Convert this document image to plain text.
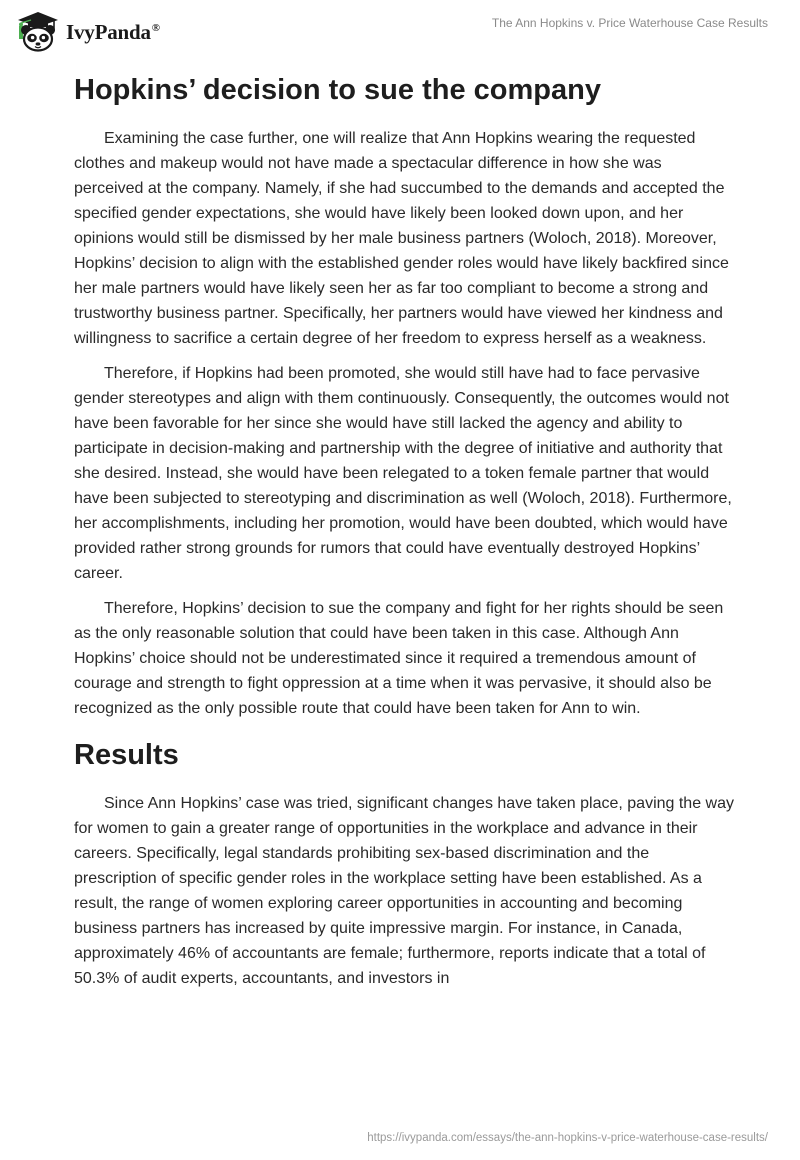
IvyPanda®	The Ann Hopkins v. Price Waterhouse Case Results
Hopkins’ decision to sue the company

Examining the case further, one will realize that Ann Hopkins wearing the requested clothes and makeup would not have made a spectacular difference in how she was perceived at the company. Namely, if she had succumbed to the demands and accepted the specified gender expectations, she would have likely been looked down upon, and her opinions would still be dismissed by her male business partners (Woloch, 2018). Moreover, Hopkins’ decision to align with the established gender roles would have likely backfired since her male partners would have likely seen her as far too compliant to become a strong and trustworthy business partner. Specifically, her partners would have viewed her kindness and willingness to sacrifice a certain degree of her freedom to express herself as a weakness.

Therefore, if Hopkins had been promoted, she would still have had to face pervasive gender stereotypes and align with them continuously. Consequently, the outcomes would not have been favorable for her since she would have still lacked the agency and ability to participate in decision-making and partnership with the degree of initiative and authority that she desired. Instead, she would have been relegated to a token female partner that would have been subjected to stereotyping and discrimination as well (Woloch, 2018). Furthermore, her accomplishments, including her promotion, would have been doubted, which would have provided rather strong grounds for rumors that could have eventually destroyed Hopkins’ career.

Therefore, Hopkins’ decision to sue the company and fight for her rights should be seen as the only reasonable solution that could have been taken in this case. Although Ann Hopkins’ choice should not be underestimated since it required a tremendous amount of courage and strength to fight oppression at a time when it was pervasive, it should also be recognized as the only possible route that could have been taken for Ann to win.

Results

Since Ann Hopkins’ case was tried, significant changes have taken place, paving the way for women to gain a greater range of opportunities in the workplace and advance in their careers. Specifically, legal standards prohibiting sex-based discrimination and the prescription of specific gender roles in the workplace setting have been established. As a result, the range of women exploring career opportunities in accounting and becoming business partners has increased by quite impressive margin. For instance, in Canada, approximately 46% of accountants are female; furthermore, reports indicate that a total of 50.3% of audit experts, accountants, and investors in

https://ivypanda.com/essays/the-ann-hopkins-v-price-waterhouse-case-results/
